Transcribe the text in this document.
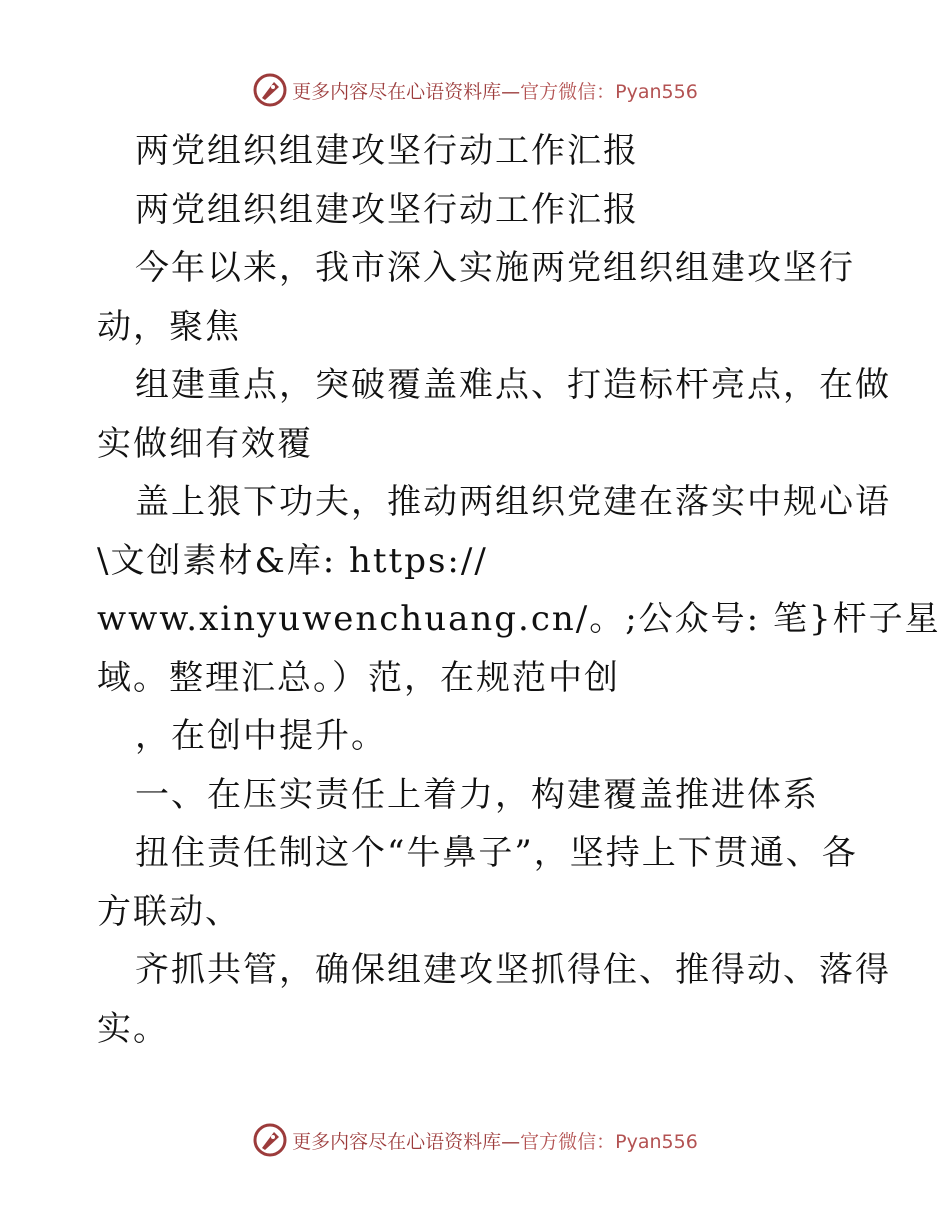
更多内容尽在心语资料库— 官方微信：Pyan556
两党组织组建攻坚行动工作汇报
两党组织组建攻坚行动工作汇报
今年以来，我市深入实施两党组织组建攻坚行
动，聚焦
组建重点，突破覆盖难点、打造标杆亮点，在做
实做细有效覆
盖上狠下功夫，推动两组织党建在落实中规心语
\文创素材&库: https://
www.xinyuwenchuang.cn/。;公众号: 笔}杆子星
域。整理汇总。）范，在规范中创
，在创中提升。
一、在压实责任上着力，构建覆盖推进体系
扭住责任制这个“牛鼻子”，坚持上下贯通、各
方联动、
齐抓共管，确保组建攻坚抓得住、推得动、落得
实。
更多内容尽在心语资料库— 官方微信：Pyan556
